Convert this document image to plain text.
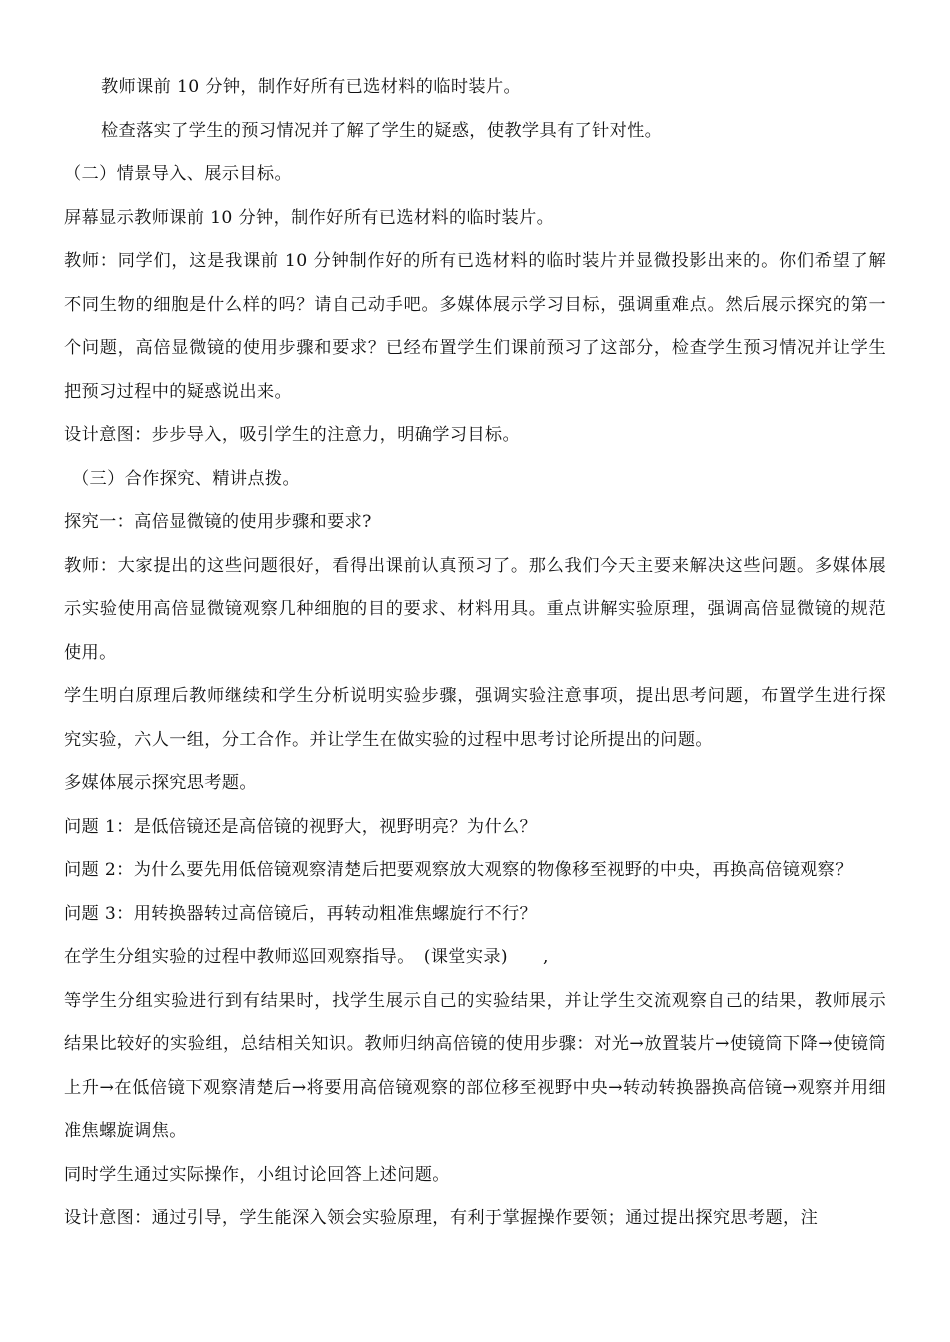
教师课前 10 分钟，制作好所有已选材料的临时装片。

检查落实了学生的预习情况并了解了学生的疑惑，使教学具有了针对性。

（二）情景导入、展示目标。

屏幕显示教师课前 10 分钟，制作好所有已选材料的临时装片。

教师：同学们，这是我课前 10 分钟制作好的所有已选材料的临时装片并显微投影出来的。你们希望了解不同生物的细胞是什么样的吗？请自己动手吧。多媒体展示学习目标，强调重难点。然后展示探究的第一个问题，高倍显微镜的使用步骤和要求？已经布置学生们课前预习了这部分，检查学生预习情况并让学生把预习过程中的疑惑说出来。

设计意图：步步导入，吸引学生的注意力，明确学习目标。

（三）合作探究、精讲点拨。

探究一：高倍显微镜的使用步骤和要求?

教师：大家提出的这些问题很好，看得出课前认真预习了。那么我们今天主要来解决这些问题。多媒体展示实验使用高倍显微镜观察几种细胞的目的要求、材料用具。重点讲解实验原理，强调高倍显微镜的规范使用。

学生明白原理后教师继续和学生分析说明实验步骤，强调实验注意事项，提出思考问题，布置学生进行探究实验，六人一组，分工合作。并让学生在做实验的过程中思考讨论所提出的问题。

多媒体展示探究思考题。

问题 1：是低倍镜还是高倍镜的视野大，视野明亮？为什么？

问题 2：为什么要先用低倍镜观察清楚后把要观察放大观察的物像移至视野的中央，再换高倍镜观察？

问题 3：用转换器转过高倍镜后，再转动粗准焦螺旋行不行？

在学生分组实验的过程中教师巡回观察指导。　(课堂实录)　　,

等学生分组实验进行到有结果时，找学生展示自己的实验结果，并让学生交流观察自己的结果，教师展示结果比较好的实验组，总结相关知识。教师归纳高倍镜的使用步骤：对光→放置装片→使镜筒下降→使镜筒上升→在低倍镜下观察清楚后→将要用高倍镜观察的部位移至视野中央→转动转换器换高倍镜→观察并用细准焦螺旋调焦。

同时学生通过实际操作，小组讨论回答上述问题。

设计意图：通过引导，学生能深入领会实验原理，有利于掌握操作要领；通过提出探究思考题，注
